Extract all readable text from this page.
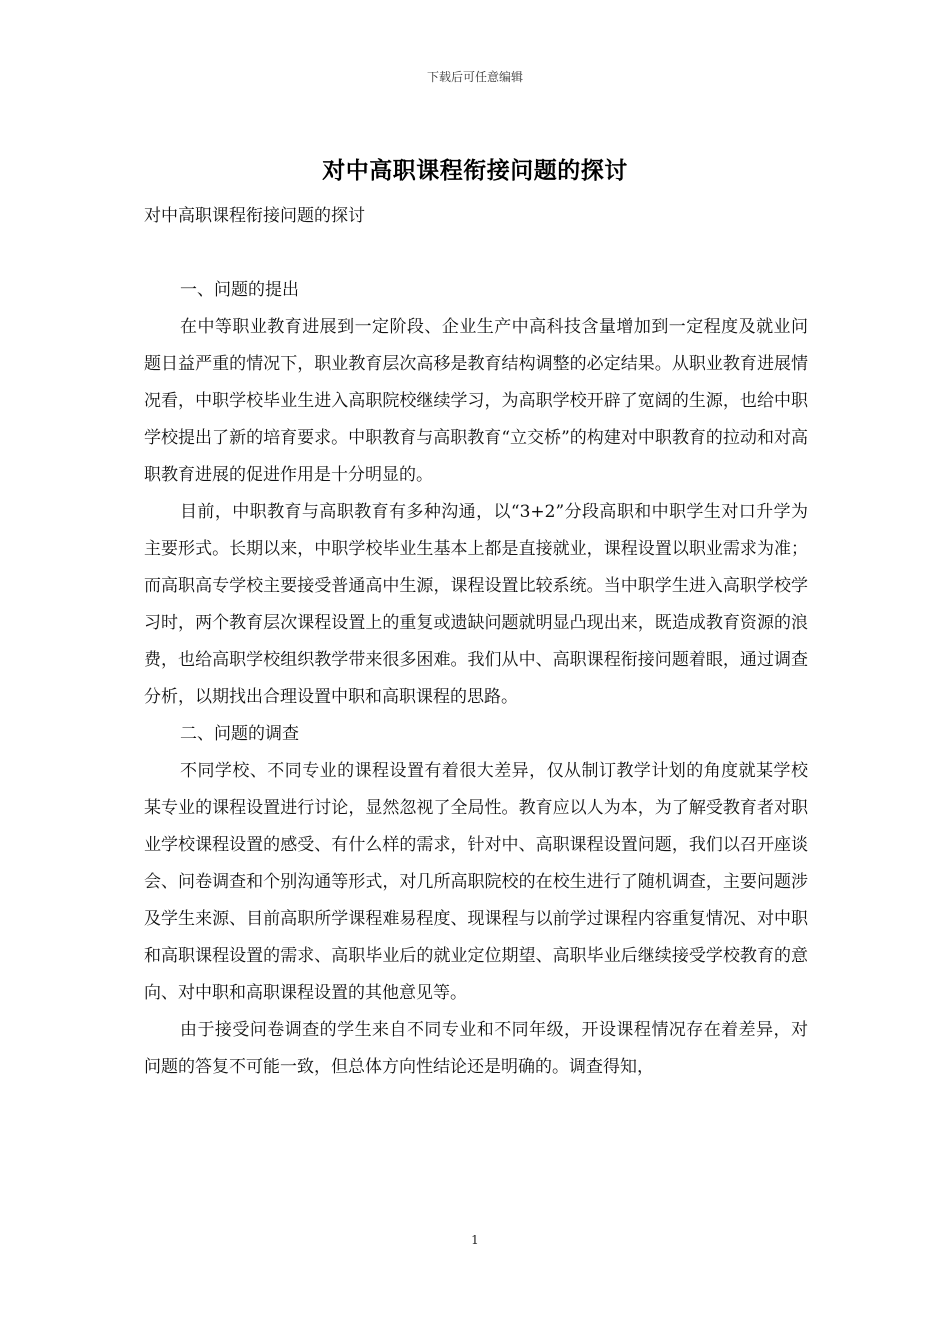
下载后可任意编辑
对中高职课程衔接问题的探讨
对中高职课程衔接问题的探讨

一、问题的提出

在中等职业教育进展到一定阶段、企业生产中高科技含量增加到一定程度及就业问题日益严重的情况下，职业教育层次高移是教育结构调整的必定结果。从职业教育进展情况看，中职学校毕业生进入高职院校继续学习，为高职学校开辟了宽阔的生源，也给中职学校提出了新的培育要求。中职教育与高职教育“立交桥”的构建对中职教育的拉动和对高职教育进展的促进作用是十分明显的。

目前，中职教育与高职教育有多种沟通，以“3+2”分段高职和中职学生对口升学为主要形式。长期以来，中职学校毕业生基本上都是直接就业，课程设置以职业需求为准；而高职高专学校主要接受普通高中生源，课程设置比较系统。当中职学生进入高职学校学习时，两个教育层次课程设置上的重复或遗缺问题就明显凸现出来，既造成教育资源的浪费，也给高职学校组织教学带来很多困难。我们从中、高职课程衔接问题着眼，通过调查分析，以期找出合理设置中职和高职课程的思路。

二、问题的调查

不同学校、不同专业的课程设置有着很大差异，仅从制订教学计划的角度就某学校某专业的课程设置进行讨论，显然忽视了全局性。教育应以人为本，为了解受教育者对职业学校课程设置的感受、有什么样的需求，针对中、高职课程设置问题，我们以召开座谈会、问卷调查和个别沟通等形式，对几所高职院校的在校生进行了随机调查，主要问题涉及学生来源、目前高职所学课程难易程度、现课程与以前学过课程内容重复情况、对中职和高职课程设置的需求、高职毕业后的就业定位期望、高职毕业后继续接受学校教育的意向、对中职和高职课程设置的其他意见等。

由于接受问卷调查的学生来自不同专业和不同年级，开设课程情况存在着差异，对问题的答复不可能一致，但总体方向性结论还是明确的。调查得知，

1
